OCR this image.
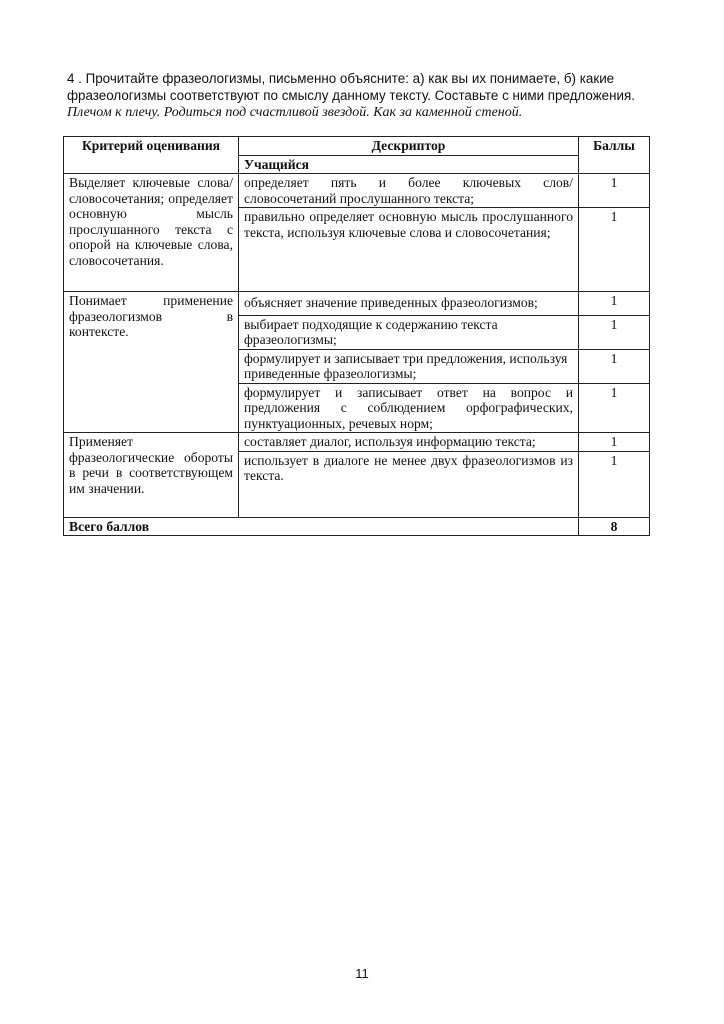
4 . Прочитайте фразеологизмы, письменно объясните: а) как вы их понимаете, б) какие
фразеологизмы соответствуют по смыслу данному тексту. Составьте с ними предложения.
Плечом к плечу. Родиться под счастливой звездой. Как за каменной стеной.
Критерий оценивания	Дескриптор	Баллы
	Учащийся	
Выделяет ключевые слова/словосочетания; определяет основную мысль прослушанного текста с опорой на ключевые слова, словосочетания.	определяет пять и более ключевых слов/ словосочетаний прослушанного текста;	1
	правильно определяет основную мысль прослушанного текста, используя ключевые слова и словосочетания;	1
Понимает применение фразеологизмов в контексте.	объясняет значение приведенных фразеологизмов;	1
	выбирает подходящие к содержанию текста фразеологизмы;	1
	формулирует и записывает три предложения, используя приведенные фразеологизмы;	1
	формулирует и записывает ответ на вопрос и предложения с соблюдением орфографических, пунктуационных, речевых норм;	1
Применяет фразеологические обороты в речи в соответствующем им значении.	составляет диалог, используя информацию текста;	1
	использует в диалоге не менее двух фразеологизмов из текста.	1
Всего баллов		8
11
